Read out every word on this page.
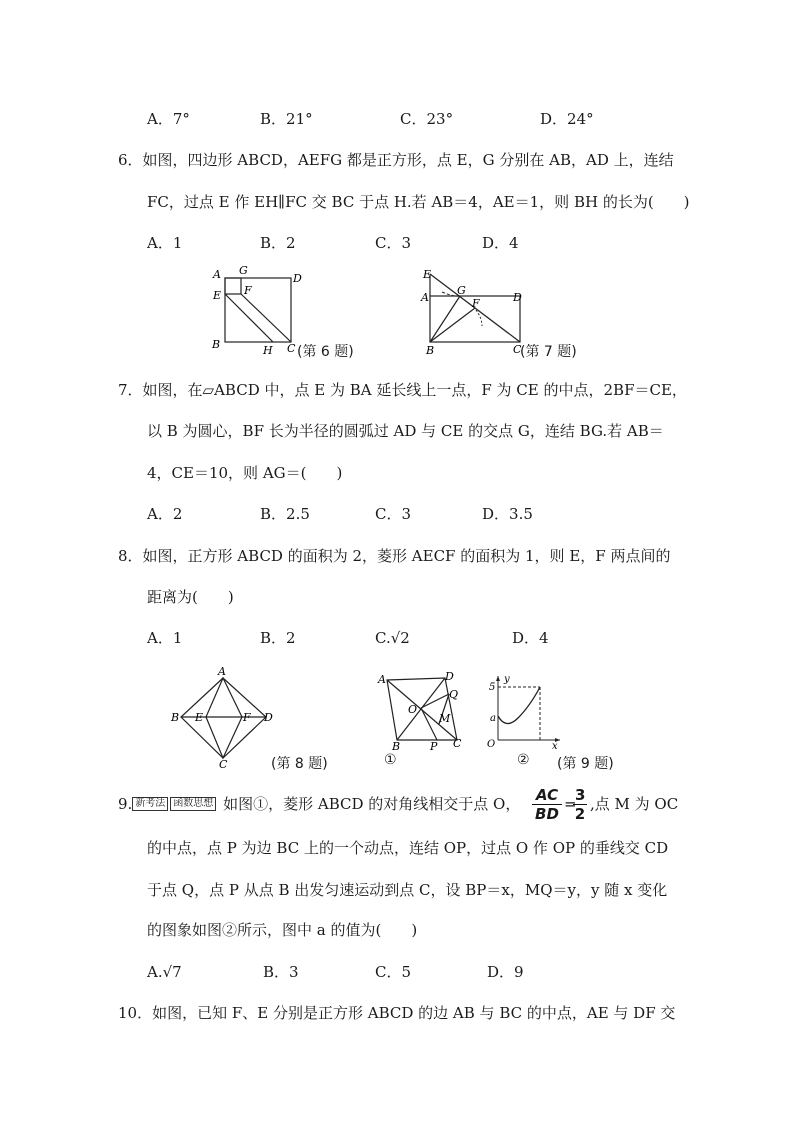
A．7°	B．21°	C．23°	D．24°
6．如图，四边形 ABCD，AEFG 都是正方形，点 E，G 分别在 AB，AD 上，连结
FC，过点 E 作 EH∥FC 交 BC 于点 H.若 AB＝4，AE＝1，则 BH 的长为(　　)
A．1	B．2	C．3	D．4
A G
D
E F
B	H C (第 6 题)
E
A
G
F	D
B	C
(第 7 题)
7．如图，在▱ABCD 中，点 E 为 BA 延长线上一点，F 为 CE 的中点，2BF＝CE，
以 B 为圆心，BF 长为半径的圆弧过 AD 与 CE 的交点 G，连结 BG.若 AB＝
4，CE＝10，则 AG＝(　　)
A．2	B．2.5	C．3	D．3.5
8．如图，正方形 ABCD 的面积为 2，菱形 AECF 的面积为 1，则 E，F 两点间的
距离为(　　)
A．1	B．2	C.√2	D．4
A
B E	F D
C	(第 8 题)
A	D
Q
O
M
B	P C
①
y
5
a
O	x
② (第 9 题)
9. 新考法 函数思想 如图①，菱形 ABCD 的对角线相交于点 O， $\frac{AC}{BD}$ =
$\frac{3}{2}$ ,点 M 为 OC
的中点，点 P 为边 BC 上的一个动点，连结 OP，过点 O 作 OP 的垂线交 CD
于点 Q，点 P 从点 B 出发匀速运动到点 C，设 BP＝x，MQ＝y，y 随 x 变化
的图象如图②所示，图中 a 的值为(　　)
A.√7	B．3	C．5	D．9
10．如图，已知 F、E 分别是正方形 ABCD 的边 AB 与 BC 的中点，AE 与 DF 交
